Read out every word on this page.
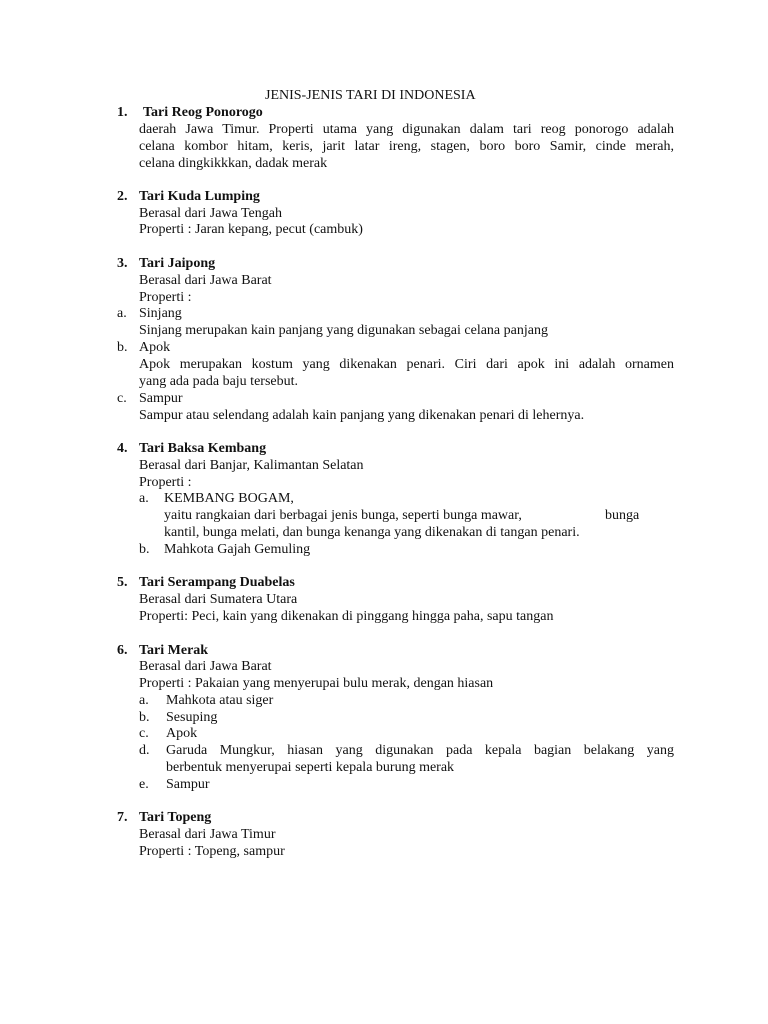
JENIS-JENIS TARI DI INDONESIA
1. Tari Reog Ponorogo
daerah Jawa Timur. Properti utama yang digunakan dalam tari reog ponorogo adalah
celana kombor hitam, keris, jarit latar ireng, stagen, boro boro Samir, cinde merah,
celana dingkikkkan, dadak merak
2. Tari Kuda Lumping
Berasal dari Jawa Tengah
Properti : Jaran kepang, pecut (cambuk)
3. Tari Jaipong
Berasal dari Jawa Barat
Properti :
a. Sinjang
Sinjang merupakan kain panjang yang digunakan sebagai celana panjang
b. Apok
Apok merupakan kostum yang dikenakan penari. Ciri dari apok ini adalah ornamen
yang ada pada baju tersebut.
c. Sampur
Sampur atau selendang adalah kain panjang yang dikenakan penari di lehernya.
4. Tari Baksa Kembang
Berasal dari Banjar, Kalimantan Selatan
Properti :
a. KEMBANG BOGAM,
yaitu rangkaian dari berbagai jenis bunga, seperti bunga mawar,	bunga
kantil, bunga melati, dan bunga kenanga yang dikenakan di tangan penari.
b. Mahkota Gajah Gemuling
5. Tari Serampang Duabelas
Berasal dari Sumatera Utara
Properti: Peci, kain yang dikenakan di pinggang hingga paha, sapu tangan
6. Tari Merak
Berasal dari Jawa Barat
Properti : Pakaian yang menyerupai bulu merak, dengan hiasan
a. Mahkota atau siger
b. Sesuping
c. Apok
d. Garuda Mungkur, hiasan yang digunakan pada kepala bagian belakang yang
berbentuk menyerupai seperti kepala burung merak
e. Sampur
7. Tari Topeng
Berasal dari Jawa Timur
Properti : Topeng, sampur
